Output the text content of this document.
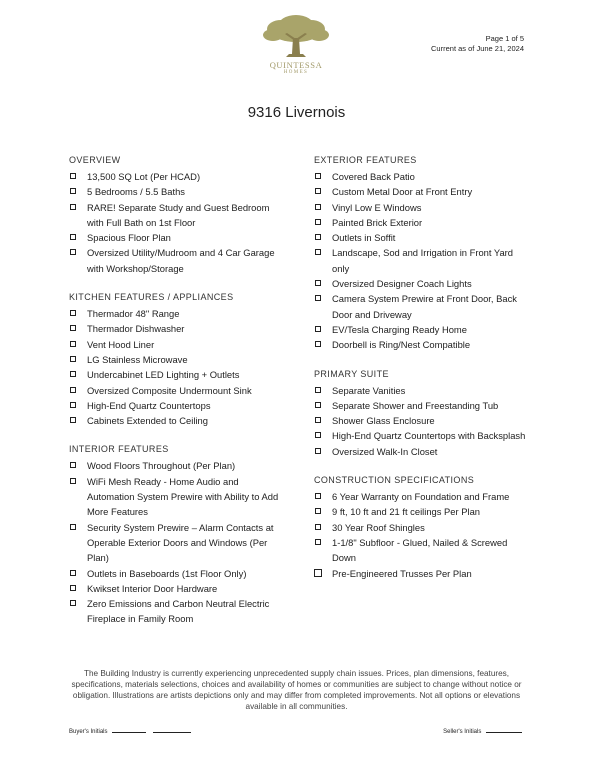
Page 1 of 5
Current as of June 21, 2024
QUINTESSA
HOMES
9316 Livernois
OVERVIEW
13,500 SQ Lot (Per HCAD)
5 Bedrooms / 5.5 Baths
RARE! Separate Study and Guest Bedroom with Full Bath on 1st Floor
Spacious Floor Plan
Oversized Utility/Mudroom and 4 Car Garage with Workshop/Storage
KITCHEN FEATURES / APPLIANCES
Thermador 48" Range
Thermador Dishwasher
Vent Hood Liner
LG Stainless Microwave
Undercabinet LED Lighting + Outlets
Oversized Composite Undermount Sink
High-End Quartz Countertops
Cabinets Extended to Ceiling
INTERIOR FEATURES
Wood Floors Throughout (Per Plan)
WiFi Mesh Ready - Home Audio and Automation System Prewire with Ability to Add More Features
Security System Prewire – Alarm Contacts at Operable Exterior Doors and Windows (Per Plan)
Outlets in Baseboards (1st Floor Only)
Kwikset Interior Door Hardware
Zero Emissions and Carbon Neutral Electric Fireplace in Family Room
EXTERIOR FEATURES
Covered Back Patio
Custom Metal Door at Front Entry
Vinyl Low E Windows
Painted Brick Exterior
Outlets in Soffit
Landscape, Sod and Irrigation in Front Yard only
Oversized Designer Coach Lights
Camera System Prewire at Front Door, Back Door and Driveway
EV/Tesla Charging Ready Home
Doorbell is Ring/Nest Compatible
PRIMARY SUITE
Separate Vanities
Separate Shower and Freestanding Tub
Shower Glass Enclosure
High-End Quartz Countertops with Backsplash
Oversized Walk-In Closet
CONSTRUCTION SPECIFICATIONS
6 Year Warranty on Foundation and Frame
9 ft, 10 ft and 21 ft ceilings Per Plan
30 Year Roof Shingles
1-1/8" Subfloor - Glued, Nailed & Screwed Down
Pre-Engineered Trusses Per Plan
The Building Industry is currently experiencing unprecedented supply chain issues. Prices, plan dimensions, features, specifications, materials selections, choices and availability of homes or communities are subject to change without notice or obligation. Illustrations are artists depictions only and may differ from completed improvements. Not all options or elevations available in all communities.
Buyer's Initials	Seller's Initials
